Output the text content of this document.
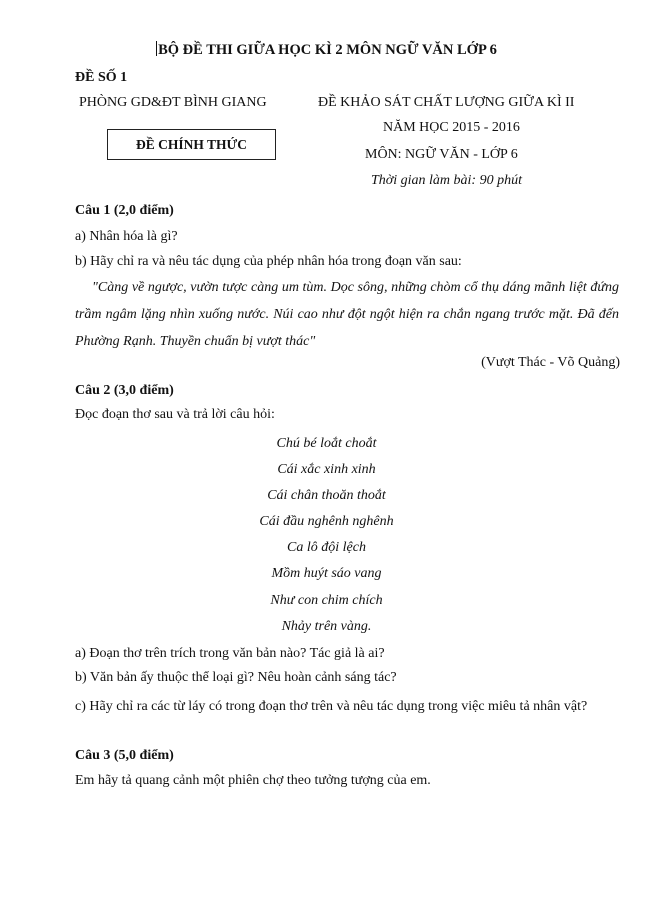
BỘ ĐỀ THI GIỮA HỌC KÌ 2 MÔN NGỮ VĂN LỚP 6
ĐỀ SỐ 1
PHÒNG GD&ĐT BÌNH GIANG	ĐỀ KHẢO SÁT CHẤT LƯỢNG GIỮA KÌ II
NĂM HỌC 2015 - 2016
ĐỀ CHÍNH THỨC
MÔN: NGỮ VĂN - LỚP 6
Thời gian làm bài: 90 phút
Câu 1 (2,0 điểm)
a) Nhân hóa là gì?
b) Hãy chỉ ra và nêu tác dụng của phép nhân hóa trong đoạn văn sau:
"Càng về ngược, vườn tược càng um tùm. Dọc sông, những chòm cổ thụ dáng mãnh liệt đứng trầm ngâm lặng nhìn xuống nước. Núi cao như đột ngột hiện ra chắn ngang trước mặt. Đã đến Phường Rạnh. Thuyền chuẩn bị vượt thác"
(Vượt Thác - Võ Quảng)
Câu 2 (3,0 điểm)
Đọc đoạn thơ sau và trả lời câu hỏi:
Chú bé loắt choắt
Cái xắc xinh xinh
Cái chân thoăn thoắt
Cái đầu nghênh nghênh
Ca lô đội lệch
Mồm huýt sáo vang
Như con chim chích
Nhảy trên vàng.
a) Đoạn thơ trên trích trong văn bản nào? Tác giả là ai?
b) Văn bản ấy thuộc thể loại gì? Nêu hoàn cảnh sáng tác?
c) Hãy chỉ ra các từ láy có trong đoạn thơ trên và nêu tác dụng trong việc miêu tả nhân vật?
Câu 3 (5,0 điểm)
Em hãy tả quang cảnh một phiên chợ theo tưởng tượng của em.
